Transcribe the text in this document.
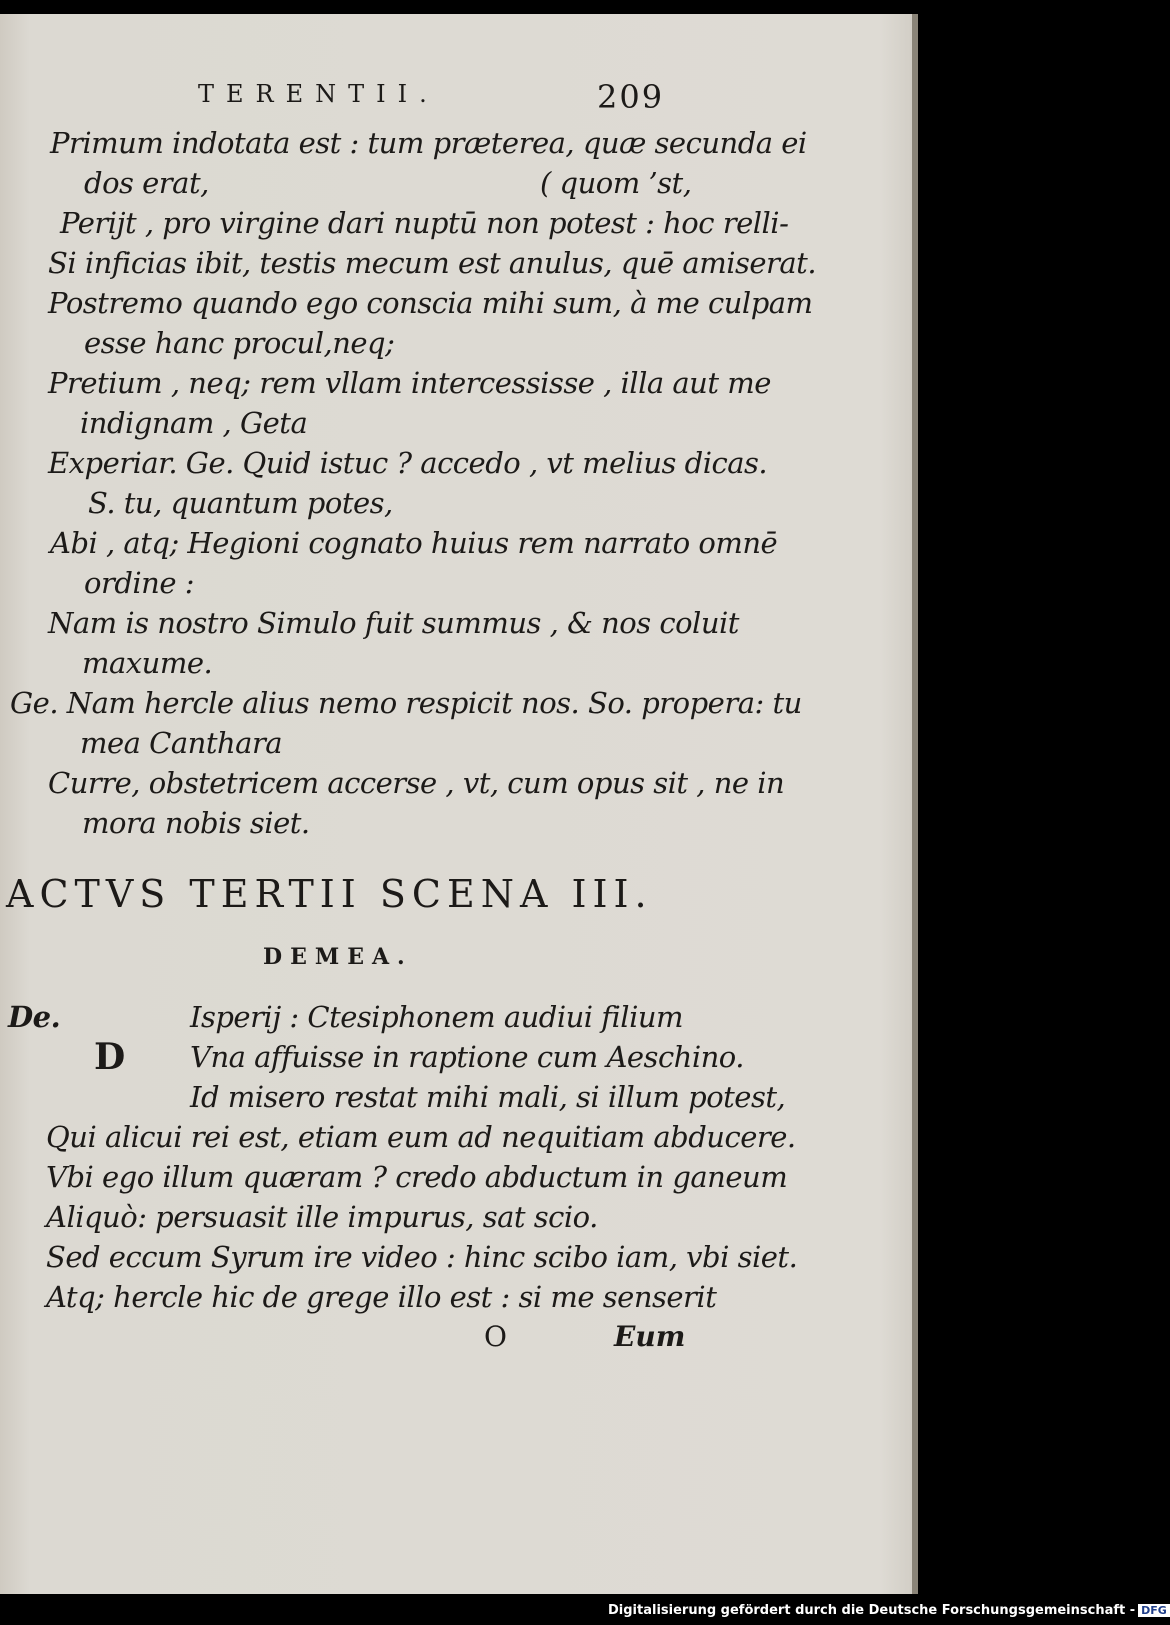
TERENTII.	209
Primum indotata est : tum præterea, quæ secunda ei
dos erat,	( quom ’st,
Periјt , pro virgine dari nuptū non potest : hoc relli-
Si inficias ibit, testis mecum est anulus, quē amiserat.
Postremo quando ego conscia mihi sum, à me culpam
esse hanc procul,neq;
Pretium , neq; rem vllam intercessisse , illa aut me
indignam , Geta
Experiar. Ge. Quid istuc ? accedo , vt melius dicas.
S. tu, quantum potes,
Abi , atq; Hegioni cognato huius rem narrato omnē
ordine :
Nam is nostro Simulo fuit summus , & nos coluit
maxume.
Ge. Nam hercle alius nemo respicit nos. So. propera: tu
mea Canthara
Curre, obstetricem accerse , vt, cum opus sit , ne in
mora nobis siet.
ACTVS TERTII SCENA III.
DEMEA.
De.
D
Isperij : Ctesiphonem audiui filium
Vna affuisse in raptione cum Aeschino.
Id misero restat mihi mali, si illum potest,
Qui alicui rei est, etiam eum ad nequitiam abducere.
Vbi ego illum quæram ? credo abductum in ganeum
Aliquò: persuasit ille impurus, sat scio.
Sed eccum Syrum ire video : hinc scibo iam, vbi siet.
Atq; hercle hic de grege illo est : si me senserit
O	Eum
Digitalisierung gefördert durch die Deutsche Forschungsgemeinschaft - DFG
